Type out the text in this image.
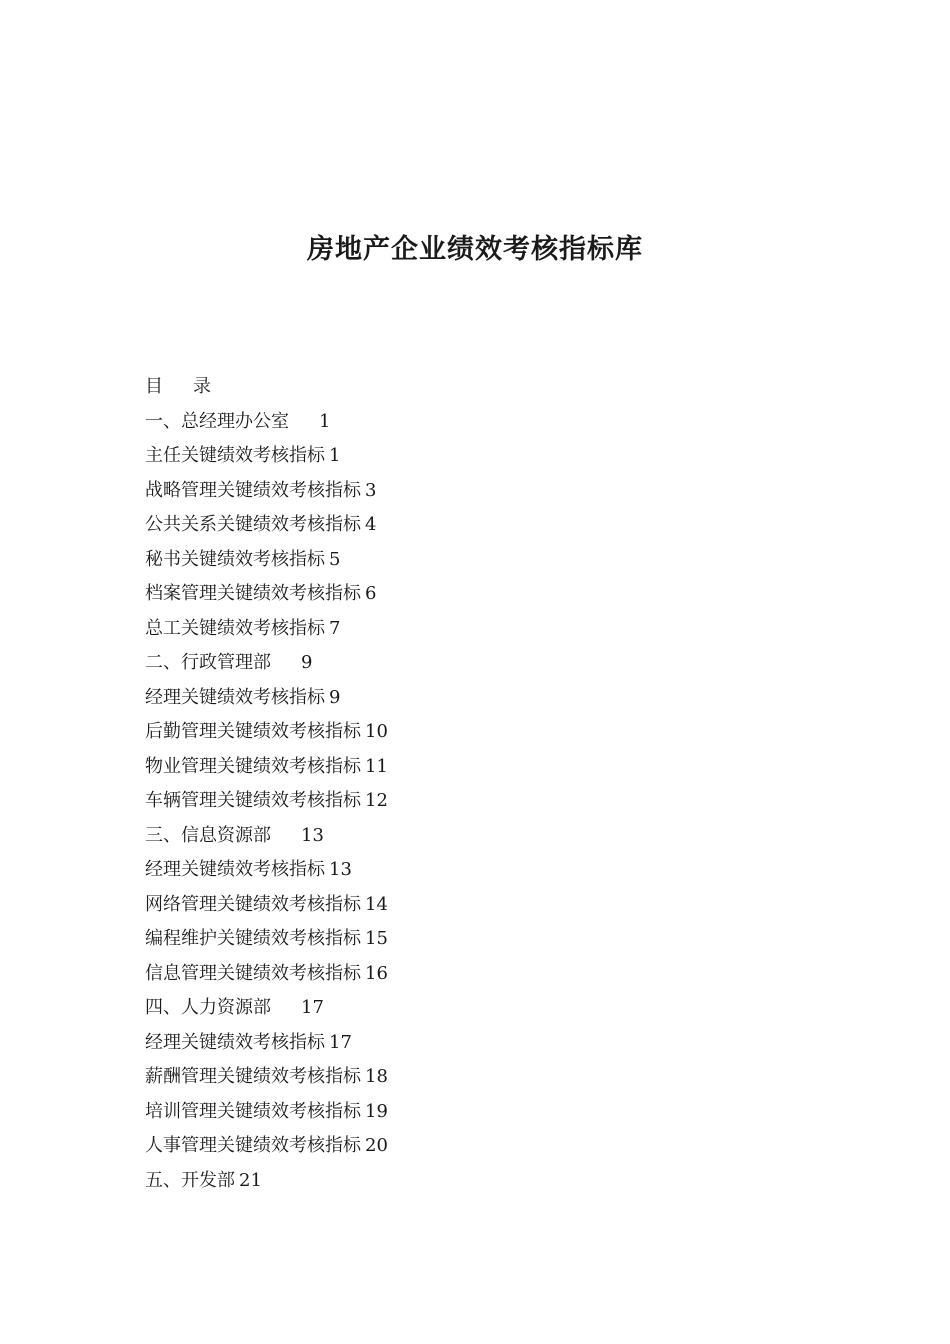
房地产企业绩效考核指标库
目 录
一、总经理办公室 1
主任关键绩效考核指标 1
战略管理关键绩效考核指标 3
公共关系关键绩效考核指标 4
秘书关键绩效考核指标 5
档案管理关键绩效考核指标 6
总工关键绩效考核指标 7
二、行政管理部 9
经理关键绩效考核指标 9
后勤管理关键绩效考核指标 10
物业管理关键绩效考核指标 11
车辆管理关键绩效考核指标 12
三、信息资源部 13
经理关键绩效考核指标 13
网络管理关键绩效考核指标 14
编程维护关键绩效考核指标 15
信息管理关键绩效考核指标 16
四、人力资源部 17
经理关键绩效考核指标 17
薪酬管理关键绩效考核指标 18
培训管理关键绩效考核指标 19
人事管理关键绩效考核指标 20
五、开发部 21
